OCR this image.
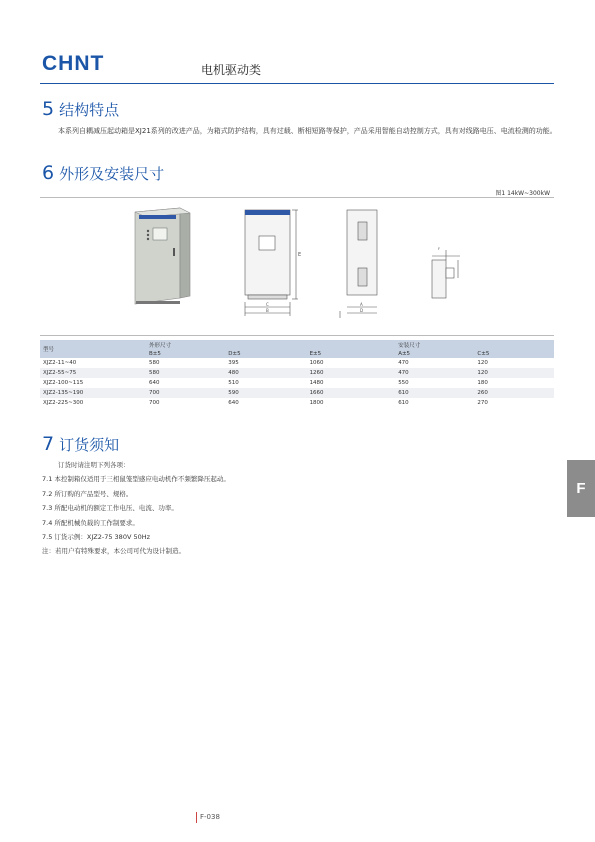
CHNT	电机驱动类
5 结构特点
本系列自耦减压起动箱是XJ21系列的改进产品，为箱式防护结构，具有过载、断相短路等保护，产品采用智能自动控制方式，具有对线路电压、电流检测的功能。
6 外形及安装尺寸
图1 14kW~300kW
E
C
B
A
D
F
型号	外形尺寸			安装尺寸	
	B±5	D±5	E±5	A±5	C±5
XJZ2-11~40	580	395	1060	470	120
XJZ2-55~75	580	480	1260	470	120
XJZ2-100~115	640	510	1480	550	180
XJZ2-135~190	700	590	1660	610	260
XJZ2-225~300	700	640	1800	610	270
7 订货须知
订货时请注明下列各项：
7.1 本控制箱仅适用于三相鼠笼型感应电动机作不频繁降压起动。
7.2 所订购的产品型号、规格。
7.3 所配电动机的额定工作电压、电流、功率。
7.4 所配机械负载的工作制要求。
7.5 订货示例：XJZ2-75 380V 50Hz
注：若用户有特殊要求，本公司可代为设计制造。
F
F-038
